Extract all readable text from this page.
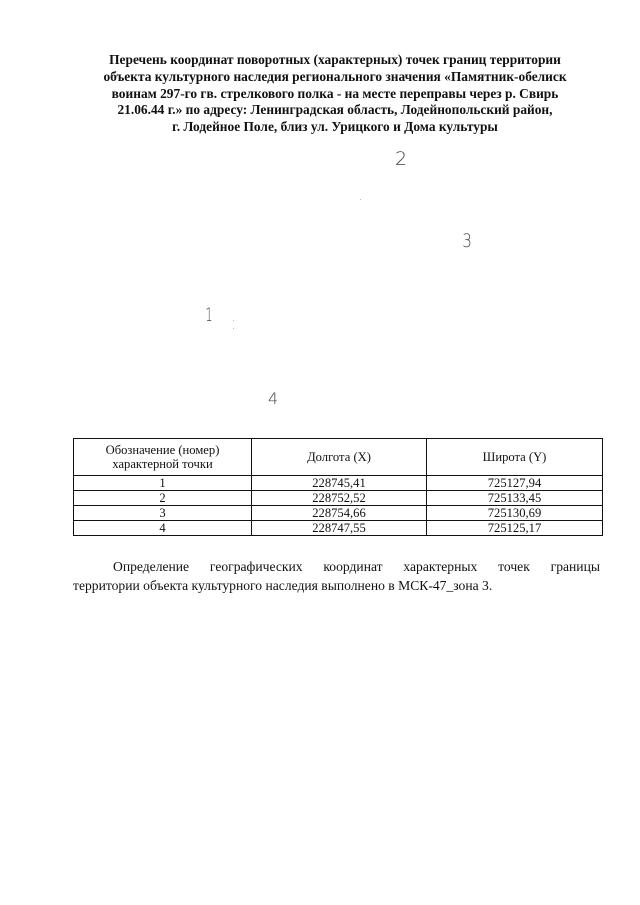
Перечень координат поворотных (характерных) точек границ территории
объекта культурного наследия регионального значения «Памятник-обелиск
воинам 297-го гв. стрелкового полка - на месте переправы через р. Свирь
21.06.44 г.» по адресу: Ленинградская область, Лодейнопольский район,
г. Лодейное Поле, близ ул. Урицкого и Дома культуры
2
3
1
4
Обозначение (номер) характерной точки	Долгота (X)	Широта (Y)
1	228745,41	725127,94
2	228752,52	725133,45
3	228754,66	725130,69
4	228747,55	725125,17
Определение географических координат характерных точек границы
территории объекта культурного наследия выполнено в МСК-47_зона 3.
